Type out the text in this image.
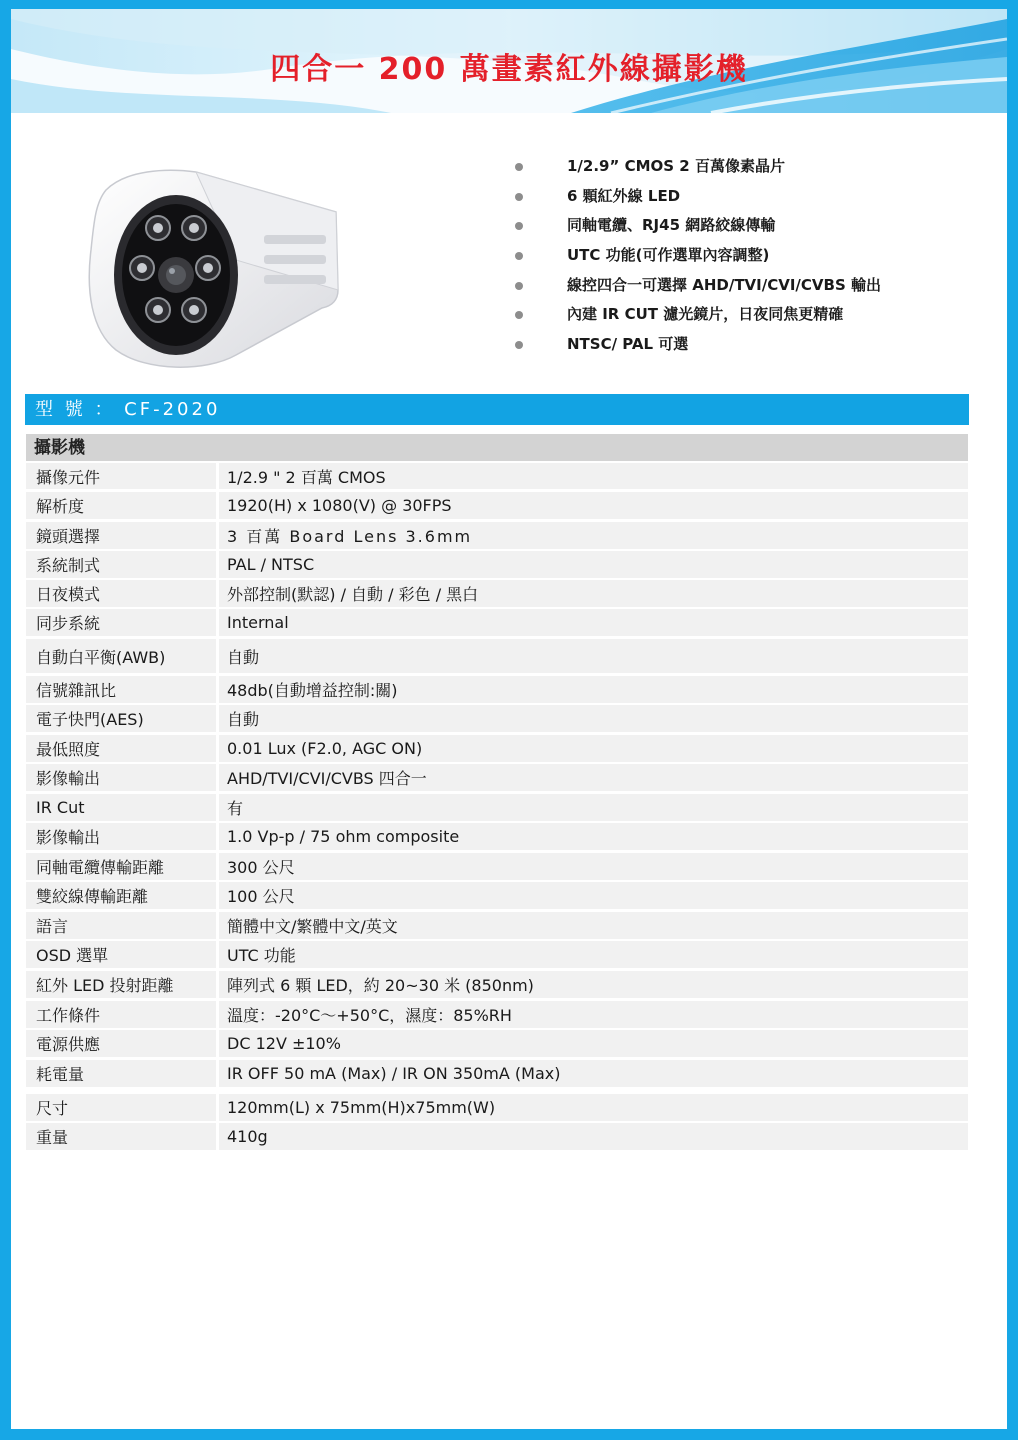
四合一 200 萬畫素紅外線攝影機
1/2.9” CMOS 2 百萬像素晶片
6 顆紅外線 LED
同軸電纜、RJ45 網路絞線傳輸
UTC 功能(可作選單內容調整)
線控四合一可選擇 AHD/TVI/CVI/CVBS 輸出
內建 IR CUT 濾光鏡片，日夜同焦更精確
NTSC/ PAL 可選
型 號 ： CF-2020
攝影機
攝像元件	1/2.9 " 2 百萬 CMOS
解析度	1920(H) x 1080(V) @ 30FPS
鏡頭選擇	3 百萬 Board Lens 3.6mm
系統制式	PAL / NTSC
日夜模式	外部控制(默認) / 自動 / 彩色 / 黑白
同步系統	Internal
自動白平衡(AWB)	自動
信號雜訊比	48db(自動增益控制:關)
電子快門(AES)	自動
最低照度	0.01 Lux (F2.0, AGC ON)
影像輸出	AHD/TVI/CVI/CVBS 四合一
IR Cut	有
影像輸出	1.0 Vp-p / 75 ohm composite
同軸電纜傳輸距離	300 公尺
雙絞線傳輸距離	100 公尺
語言	簡體中文/繁體中文/英文
OSD 選單	UTC 功能
紅外 LED 投射距離	陣列式 6 顆 LED，約 20~30 米 (850nm)
工作條件	溫度：-20°C～+50°C，濕度：85%RH
電源供應	DC 12V ±10%
耗電量	IR OFF 50 mA (Max) / IR ON 350mA (Max)
尺寸	120mm(L) x 75mm(H)x75mm(W)
重量	410g
